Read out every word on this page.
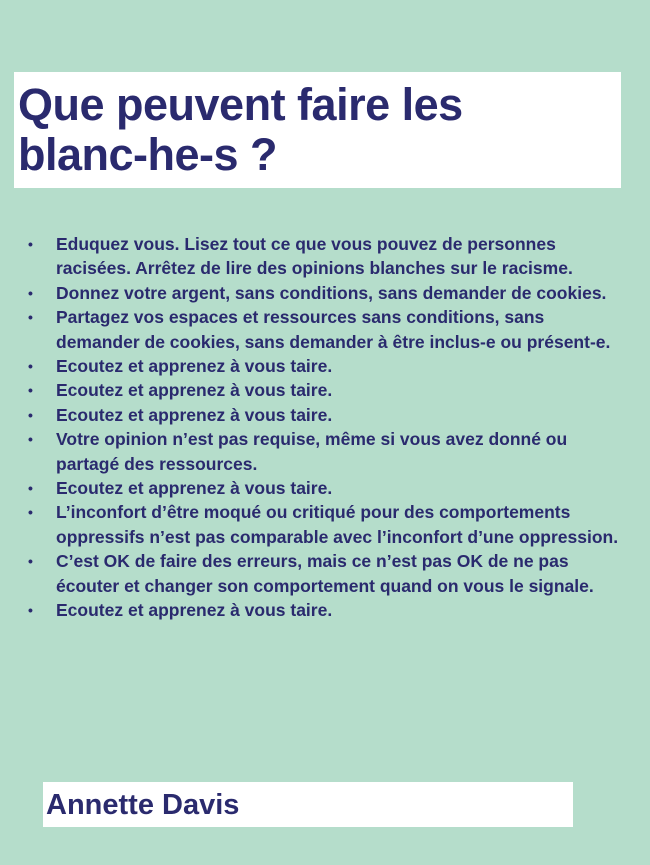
Que peuvent faire les
blanc-he-s ?
• Eduquez vous. Lisez tout ce que vous pouvez de personnes racisées. Arrêtez de lire des opinions blanches sur le racisme.
• Donnez votre argent, sans conditions, sans demander de cookies.
• Partagez vos espaces et ressources sans conditions, sans demander de cookies, sans demander à être inclus-e ou présent-e.
• Ecoutez et apprenez à vous taire.
• Ecoutez et apprenez à vous taire.
• Ecoutez et apprenez à vous taire.
• Votre opinion n’est pas requise, même si vous avez donné ou partagé des ressources.
• Ecoutez et apprenez à vous taire.
• L’inconfort d’être moqué ou critiqué pour des comportements oppressifs n’est pas comparable avec l’inconfort d’une oppression.
• C’est OK de faire des erreurs, mais ce n’est pas OK de ne pas écouter et changer son comportement quand on vous le signale.
• Ecoutez et apprenez à vous taire.

Annette Davis
